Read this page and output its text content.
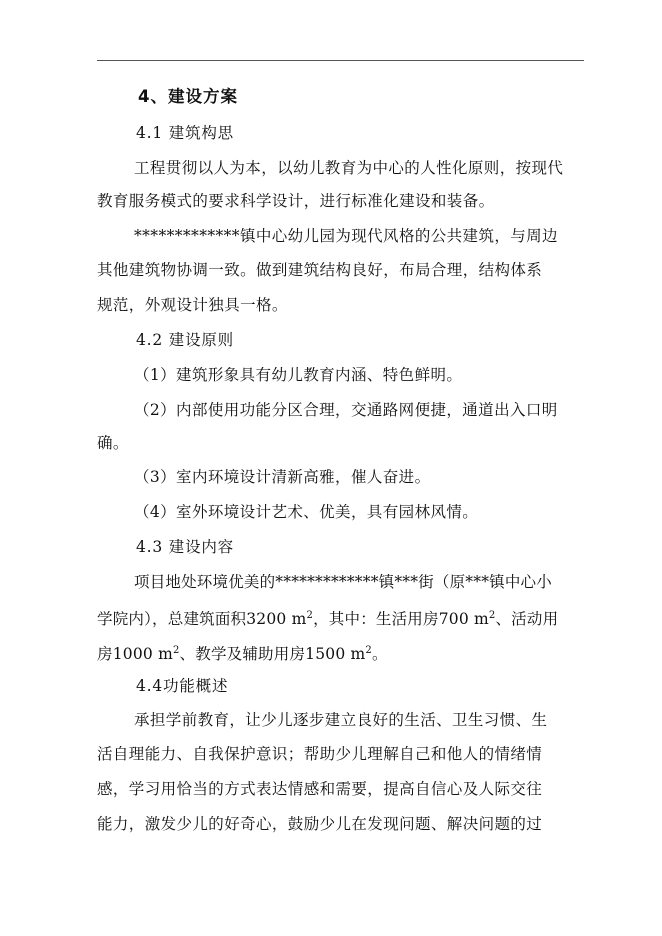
4、建设方案
4.1 建筑构思
工程贯彻以人为本，以幼儿教育为中心的人性化原则，按现代
教育服务模式的要求科学设计，进行标准化建设和装备。
*************镇中心幼儿园为现代风格的公共建筑，与周边
其他建筑物协调一致。做到建筑结构良好，布局合理，结构体系
规范，外观设计独具一格。
4.2 建设原则
（1）建筑形象具有幼儿教育内涵、特色鲜明。
（2）内部使用功能分区合理，交通路网便捷，通道出入口明
确。
（3）室内环境设计清新高雅，催人奋进。
（4）室外环境设计艺术、优美，具有园林风情。
4.3 建设内容
项目地处环境优美的*************镇***街（原***镇中心小
学院内），总建筑面积3200 $m^2$，其中：生活用房700 $m^2$、活动用
房1000 $m^2$、教学及辅助用房1500 $m^2$。
4.4功能概述
承担学前教育，让少儿逐步建立良好的生活、卫生习惯、生
活自理能力、自我保护意识；帮助少儿理解自己和他人的情绪情
感，学习用恰当的方式表达情感和需要，提高自信心及人际交往
能力，激发少儿的好奇心，鼓励少儿在发现问题、解决问题的过
